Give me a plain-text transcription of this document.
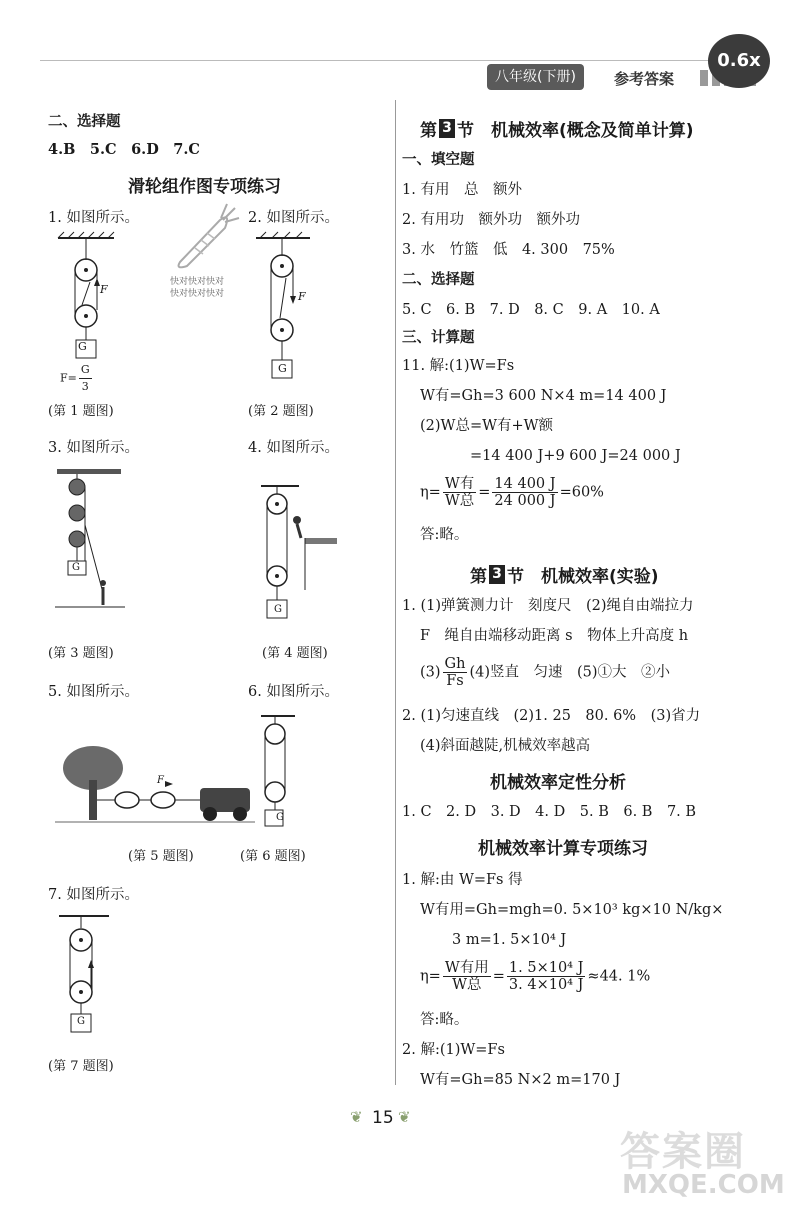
八年级(下册)	参考答案
0.6x
二、选择题
4.B　5.C　6.D　7.C
滑轮组作图专项练习
1. 如图所示。	2. 如图所示。
G
F
$F= \frac{G}{3}$
快对快对快对
快对快对快对
G
F
(第 1 题图)	(第 2 题图)
3. 如图所示。	4. 如图所示。
G
G
(第 3 题图)	(第 4 题图)
5. 如图所示。	6. 如图所示。
F
G
(第 5 题图)	(第 6 题图)
7. 如图所示。
G
(第 7 题图)
第 3 节　机械效率(概念及简单计算)
一、填空题
1. 有用　总　额外
2. 有用功　额外功　额外功
3. 水　竹篮　低　4. 300　75%
二、选择题
5. C　6. B　7. D　8. C　9. A　10. A
三、计算题
11. 解:(1)W=Fs
W有=Gh=3 600 N×4 m=14 400 J
(2)W总=W有+W额
=14 400 J+9 600 J=24 000 J
$\eta= \frac{\text{W有}}{\text{W总}} = \frac{14 400 J}{24 000 J} =60\%$
答:略。
第 3 节　机械效率(实验)
1. (1)弹簧测力计　刻度尺　(2)绳自由端拉力
F　绳自由端移动距离 s　物体上升高度 h
$(3) \frac{Gh}{Fs} (4)$竖直　匀速　(5)①大　②小
2. (1)匀速直线　(2)1. 25　80. 6%　(3)省力
(4)斜面越陡,机械效率越高
机械效率定性分析
1. C　2. D　3. D　4. D　5. B　6. B　7. B
机械效率计算专项练习
1. 解:由 W=Fs 得
W有用=Gh=mgh=0. 5×10³ kg×10 N/kg×
3 m=1. 5×10⁴ J
$\eta= \frac{\text{W有用}}{\text{W总}} = \frac{\text{1. 5×10⁴ J}}{\text{3. 4×10⁴ J}} \approx 44$. 1%
答:略。
2. 解:(1)W=Fs
W有=Gh=85 N×2 m=170 J
❦ 15 ❦
答案圈
MXQE.COM
